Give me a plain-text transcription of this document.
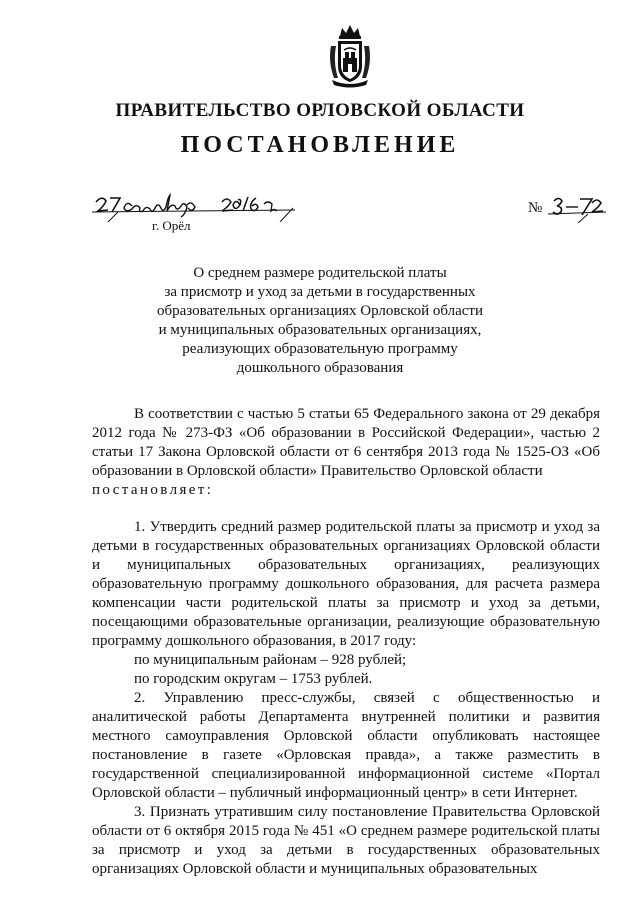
ПРАВИТЕЛЬСТВО ОРЛОВСКОЙ ОБЛАСТИ
ПОСТАНОВЛЕНИЕ
№
г. Орёл
О среднем размере родительской платы
за присмотр и уход за детьми в государственных
образовательных организациях Орловской области
и муниципальных образовательных организациях,
реализующих образовательную программу
дошкольного образования

В соответствии с частью 5 статьи 65 Федерального закона от 29 декабря 2012 года № 273-ФЗ «Об образовании в Российской Федерации», частью 2 статьи 17 Закона Орловской области от 6 сентября 2013 года № 1525-ОЗ «Об образовании в Орловской области» Правительство Орловской области

постановляет:

1. Утвердить средний размер родительской платы за присмотр и уход за детьми в государственных образовательных организациях Орловской области и муниципальных образовательных организациях, реализующих образовательную программу дошкольного образования, для расчета размера компенсации части родительской платы за присмотр и уход за детьми, посещающими образовательные организации, реализующие образовательную программу дошкольного образования, в 2017 году:

по муниципальным районам – 928 рублей;

по городским округам – 1753 рублей.

2. Управлению пресс-службы, связей с общественностью и аналитической работы Департамента внутренней политики и развития местного самоуправления Орловской области опубликовать настоящее постановление в газете «Орловская правда», а также разместить в государственной специализированной информационной системе «Портал Орловской области – публичный информационный центр» в сети Интернет.

3. Признать утратившим силу постановление Правительства Орловской области от 6 октября 2015 года № 451 «О среднем размере родительской платы за присмотр и уход за детьми в государственных образовательных организациях Орловской области и муниципальных образовательных
